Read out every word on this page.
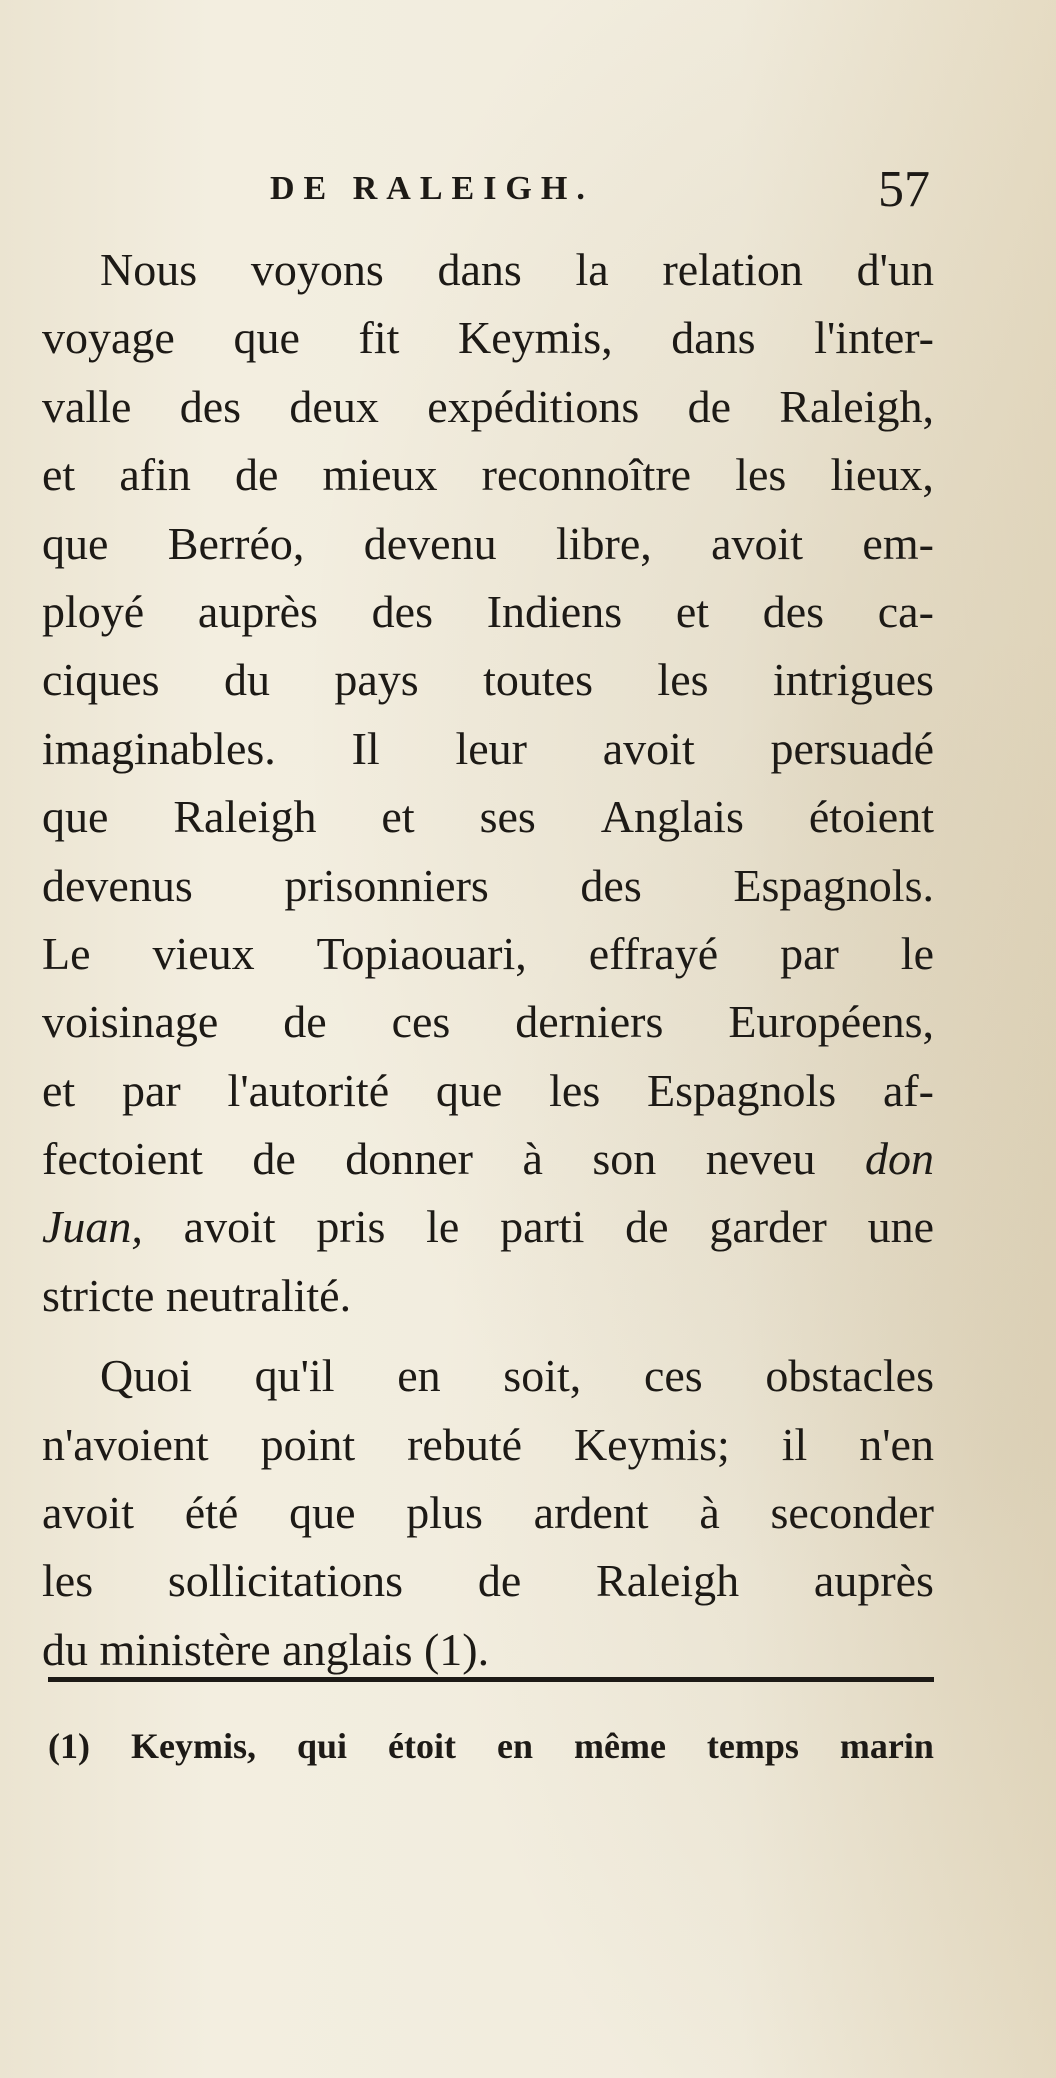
DE RALEIGH.	57
Nous voyons dans la relation d'un
voyage que fit Keymis, dans l'inter-
valle des deux expéditions de Raleigh,
et afin de mieux reconnoître les lieux,
que Berréo, devenu libre, avoit em-
ployé auprès des Indiens et des ca-
ciques du pays toutes les intrigues
imaginables. Il leur avoit persuadé
que Raleigh et ses Anglais étoient
devenus prisonniers des Espagnols.
Le vieux Topiaouari, effrayé par le
voisinage de ces derniers Européens,
et par l'autorité que les Espagnols af-
fectoient de donner à son neveu don
Juan, avoit pris le parti de garder une
stricte neutralité.
Quoi qu'il en soit, ces obstacles
n'avoient point rebuté Keymis; il n'en
avoit été que plus ardent à seconder
les sollicitations de Raleigh auprès
du ministère anglais (1).
(1) Keymis, qui étoit en même temps marin
